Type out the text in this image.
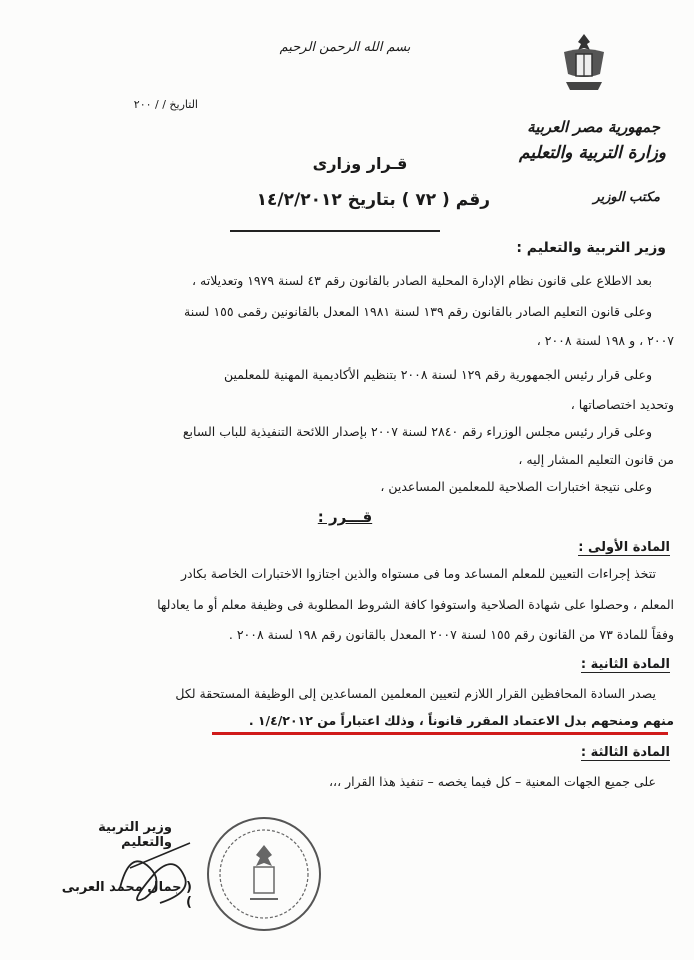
بسم الله الرحمن الرحيم
التاريخ / / ٢٠٠
جمهورية مصر العربية
وزارة التربية والتعليم
مكتب الوزير
قـرار وزارى
رقم ( ٧٢ ) بتاريخ ١٤/٢/٢٠١٢
وزير التربية والتعليم :
بعد الاطلاع على قانون نظام الإدارة المحلية الصادر بالقانون رقم ٤٣ لسنة ١٩٧٩ وتعديلاته ،
وعلى قانون التعليم الصادر بالقانون رقم ١٣٩ لسنة ١٩٨١ المعدل بالقانونين رقمى ١٥٥ لسنة
٢٠٠٧ ، و ١٩٨ لسنة ٢٠٠٨ ،
وعلى قرار رئيس الجمهورية رقم ١٢٩ لسنة ٢٠٠٨ بتنظيم الأكاديمية المهنية للمعلمين
وتحديد اختصاصاتها ،
وعلى قرار رئيس مجلس الوزراء رقم ٢٨٤٠ لسنة ٢٠٠٧ بإصدار اللائحة التنفيذية للباب السابع
من قانون التعليم المشار إليه ،
وعلى نتيجة اختبارات الصلاحية للمعلمين المساعدين ،
قـــرر :
المادة الأولى :
تتخذ إجراءات التعيين للمعلم المساعد وما فى مستواه والذين اجتازوا الاختبارات الخاصة بكادر
المعلم ، وحصلوا على شهادة الصلاحية واستوفوا كافة الشروط المطلوبة فى وظيفة معلم أو ما يعادلها
وفقاً للمادة ٧٣ من القانون رقم ١٥٥ لسنة ٢٠٠٧ المعدل بالقانون رقم ١٩٨ لسنة ٢٠٠٨ .
المادة الثانية :
يصدر السادة المحافظين القرار اللازم لتعيين المعلمين المساعدين إلى الوظيفة المستحقة لكل
منهم ومنحهم بدل الاعتماد المقرر قانوناً ، وذلك اعتباراً من ١/٤/٢٠١٢ .
المادة الثالثة :
على جميع الجهات المعنية – كل فيما يخصه – تنفيذ هذا القرار ،،،
وزير التربية والتعليم
( جمال محمد العربى )
